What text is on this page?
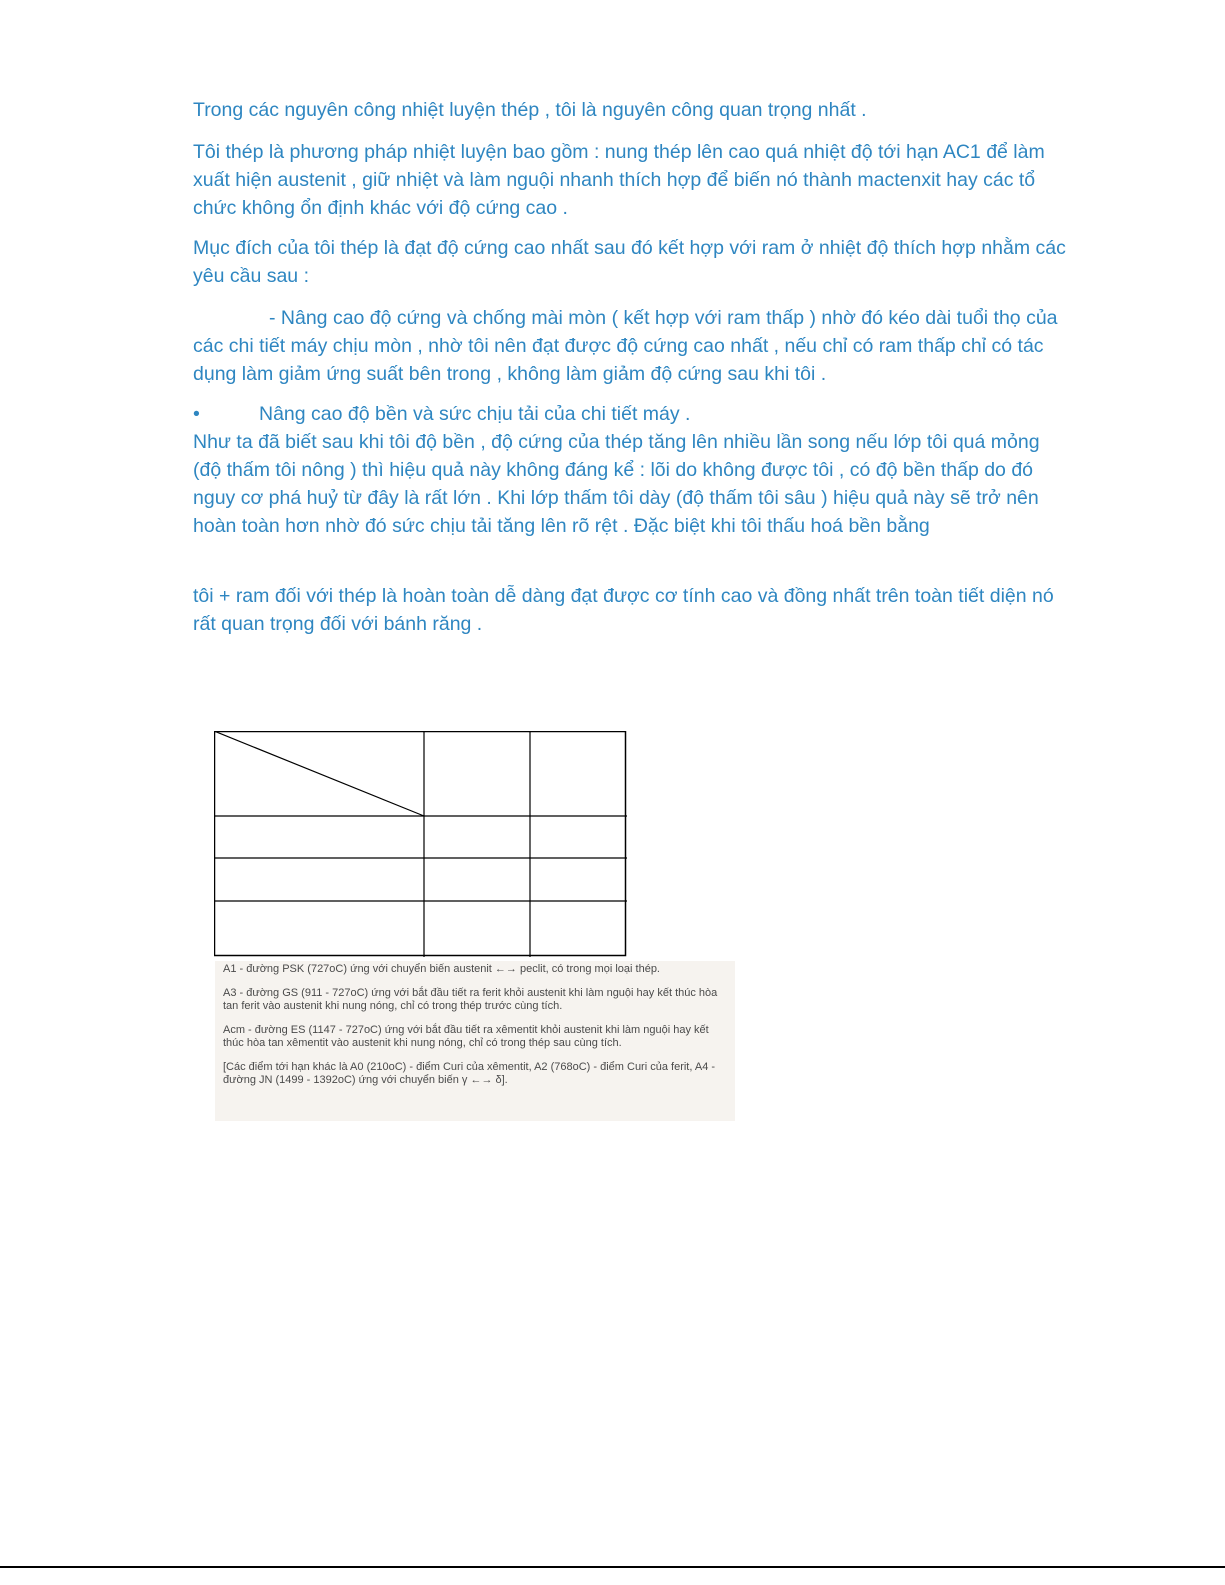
Trong các nguyên công nhiệt luyện thép , tôi là nguyên công quan trọng nhất .

Tôi thép là phương pháp nhiệt luyện bao gồm : nung thép lên cao quá nhiệt độ tới hạn AC1 để làm xuất hiện austenit , giữ nhiệt và làm nguội nhanh thích hợp để biến nó thành mactenxit hay các tổ chức không ổn định khác với độ cứng cao .

Mục đích của tôi thép là đạt độ cứng cao nhất sau đó kết hợp với ram ở nhiệt độ thích hợp nhằm các yêu cầu sau :

- Nâng cao độ cứng và chống mài mòn ( kết hợp với ram thấp ) nhờ đó kéo dài tuổi thọ của các chi tiết máy chịu mòn , nhờ tôi nên đạt được độ cứng cao nhất , nếu chỉ có ram thấp chỉ có tác dụng làm giảm ứng suất bên trong , không làm giảm độ cứng sau khi tôi .

•	Nâng cao độ bền và sức chịu tải của chi tiết máy .
Như ta đã biết sau khi tôi độ bền , độ cứng của thép tăng lên nhiều lần song nếu lớp tôi quá mỏng (độ thấm tôi nông ) thì hiệu quả này không đáng kể : lõi do không được tôi , có độ bền thấp do đó nguy cơ phá huỷ từ đây là rất lớn . Khi lớp thấm tôi dày (độ thấm tôi sâu ) hiệu quả này sẽ trở nên hoàn toàn hơn nhờ đó sức chịu tải tăng lên rõ rệt . Đặc biệt khi tôi thấu hoá bền bằng

tôi + ram đối với thép là hoàn toàn dễ dàng đạt được cơ tính cao và đồng nhất trên toàn tiết diện nó rất quan trọng đối với bánh răng .

A1 - đường PSK (727oC) ứng với chuyển biến austenit ←→ peclit, có trong mọi loại thép.

A3 - đường GS (911 - 727oC) ứng với bắt đầu tiết ra ferit khỏi austenit khi làm nguội hay kết thúc hòa tan ferit vào austenit khi nung nóng, chỉ có trong thép trước cùng tích.

Acm - đường ES (1147 - 727oC) ứng với bắt đầu tiết ra xêmentit khỏi austenit khi làm nguội hay kết thúc hòa tan xêmentit vào austenit khi nung nóng, chỉ có trong thép sau cùng tích.

[Các điểm tới hạn khác là A0 (210oC) - điểm Curi của xêmentit, A2 (768oC) - điểm Curi của ferit, A4 - đường JN (1499 - 1392oC) ứng với chuyển biến γ ←→ δ].
